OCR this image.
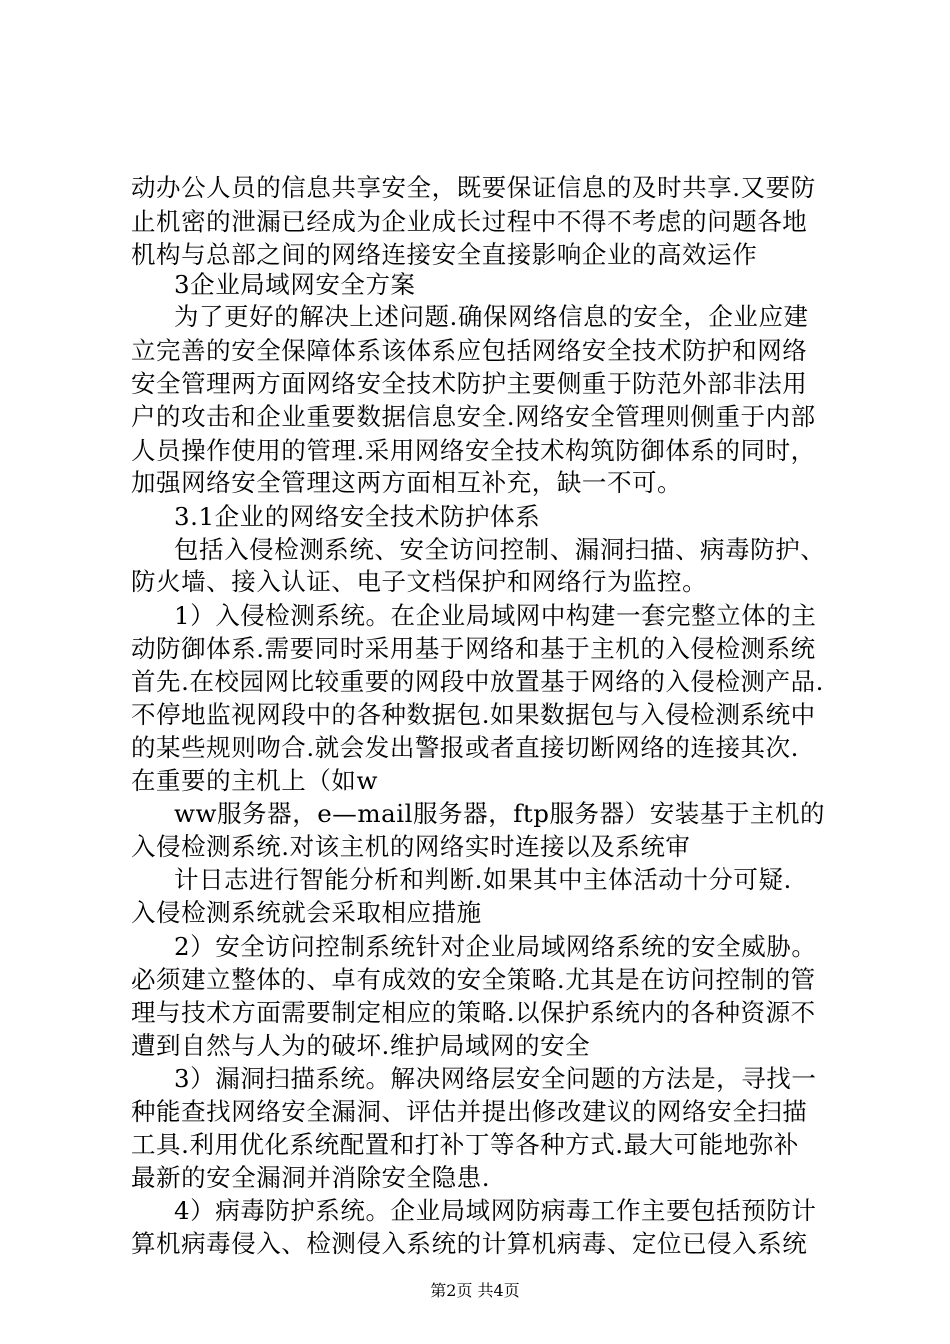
动办公人员的信息共享安全，既要保证信息的及时共享.又要防

止机密的泄漏已经成为企业成长过程中不得不考虑的问题各地

机构与总部之间的网络连接安全直接影响企业的高效运作

3企业局域网安全方案

为了更好的解决上述问题.确保网络信息的安全，企业应建

立完善的安全保障体系该体系应包括网络安全技术防护和网络

安全管理两方面网络安全技术防护主要侧重于防范外部非法用

户的攻击和企业重要数据信息安全.网络安全管理则侧重于内部

人员操作使用的管理.采用网络安全技术构筑防御体系的同时，

加强网络安全管理这两方面相互补充，缺一不可。

3.1企业的网络安全技术防护体系

包括入侵检测系统、安全访问控制、漏洞扫描、病毒防护、

防火墙、接入认证、电子文档保护和网络行为监控。

1）入侵检测系统。在企业局域网中构建一套完整立体的主

动防御体系.需要同时采用基于网络和基于主机的入侵检测系统

首先.在校园网比较重要的网段中放置基于网络的入侵检测产品.

不停地监视网段中的各种数据包.如果数据包与入侵检测系统中

的某些规则吻合.就会发出警报或者直接切断网络的连接其次.

在重要的主机上（如w

ww服务器，e—mail服务器，ftp服务器）安装基于主机的

入侵检测系统.对该主机的网络实时连接以及系统审

计日志进行智能分析和判断.如果其中主体活动十分可疑.

入侵检测系统就会采取相应措施

2）安全访问控制系统针对企业局域网络系统的安全威胁。

必须建立整体的、卓有成效的安全策略.尤其是在访问控制的管

理与技术方面需要制定相应的策略.以保护系统内的各种资源不

遭到自然与人为的破坏.维护局域网的安全

3）漏洞扫描系统。解决网络层安全问题的方法是，寻找一

种能查找网络安全漏洞、评估并提出修改建议的网络安全扫描

工具.利用优化系统配置和打补丁等各种方式.最大可能地弥补

最新的安全漏洞并消除安全隐患.

4）病毒防护系统。企业局域网防病毒工作主要包括预防计

算机病毒侵入、检测侵入系统的计算机病毒、定位已侵入系统

第2页 共4页
